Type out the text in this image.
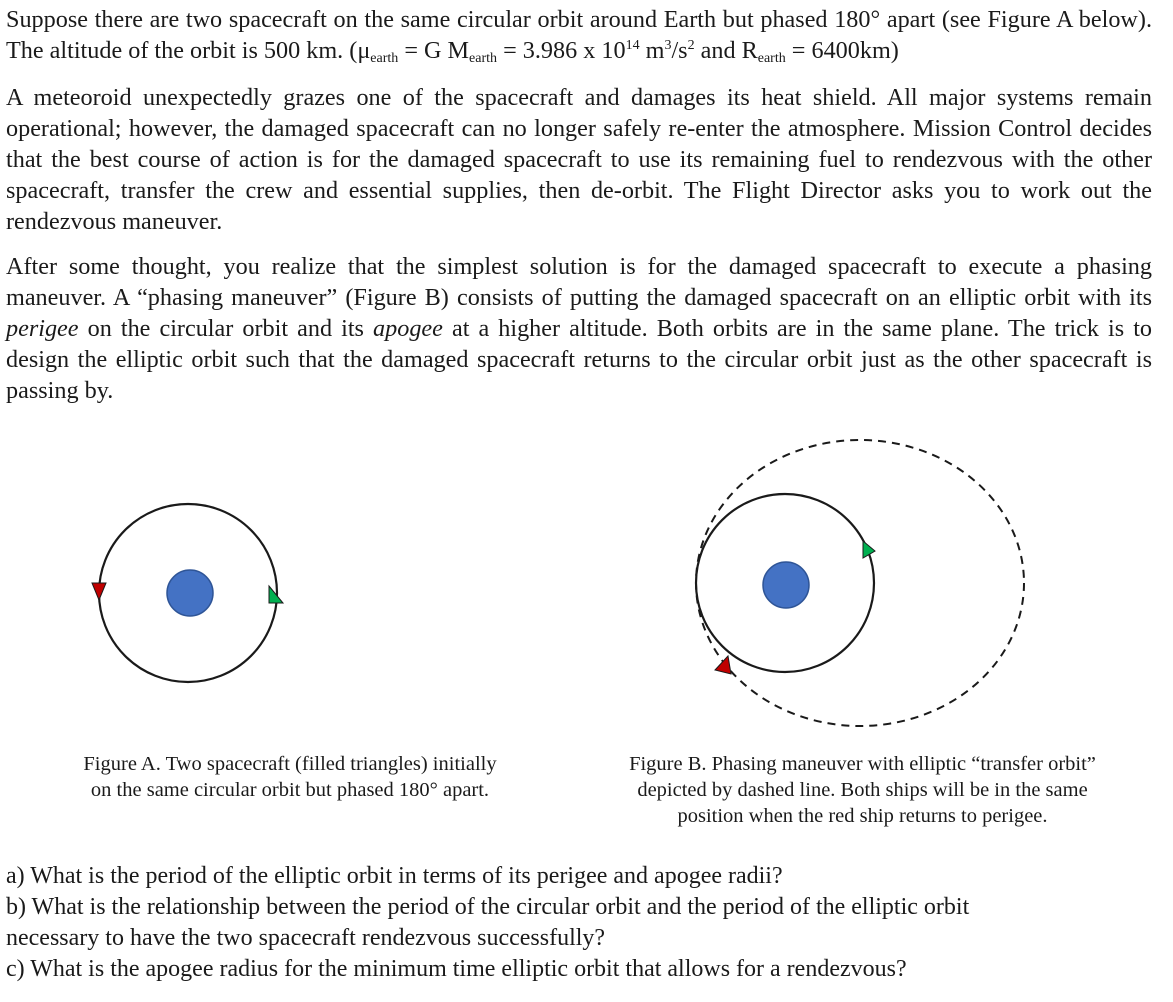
Suppose there are two spacecraft on the same circular orbit around Earth but phased 180° apart (see Figure A below). The altitude of the orbit is 500 km. ($\mu_{earth} = G$ $M_{earth} = 3.986$ x $10^{14}$ $m^3/s^2$ and $R_{earth} = 6400km$)

A meteoroid unexpectedly grazes one of the spacecraft and damages its heat shield. All major systems remain operational; however, the damaged spacecraft can no longer safely re-enter the atmosphere. Mission Control decides that the best course of action is for the damaged spacecraft to use its remaining fuel to rendezvous with the other spacecraft, transfer the crew and essential supplies, then de-orbit. The Flight Director asks you to work out the rendezvous maneuver.

After some thought, you realize that the simplest solution is for the damaged spacecraft to execute a phasing maneuver. A “phasing maneuver” (Figure B) consists of putting the damaged spacecraft on an elliptic orbit with its perigee on the circular orbit and its apogee at a higher altitude. Both orbits are in the same plane. The trick is to design the elliptic orbit such that the damaged spacecraft returns to the circular orbit just as the other spacecraft is passing by.

Figure A. Two spacecraft (filled triangles) initially
on the same circular orbit but phased 180° apart.
Figure B. Phasing maneuver with elliptic “transfer orbit”
depicted by dashed line. Both ships will be in the same
position when the red ship returns to perigee.
a) What is the period of the elliptic orbit in terms of its perigee and apogee radii?
b) What is the relationship between the period of the circular orbit and the period of the elliptic orbit
necessary to have the two spacecraft rendezvous successfully?
c) What is the apogee radius for the minimum time elliptic orbit that allows for a rendezvous?
